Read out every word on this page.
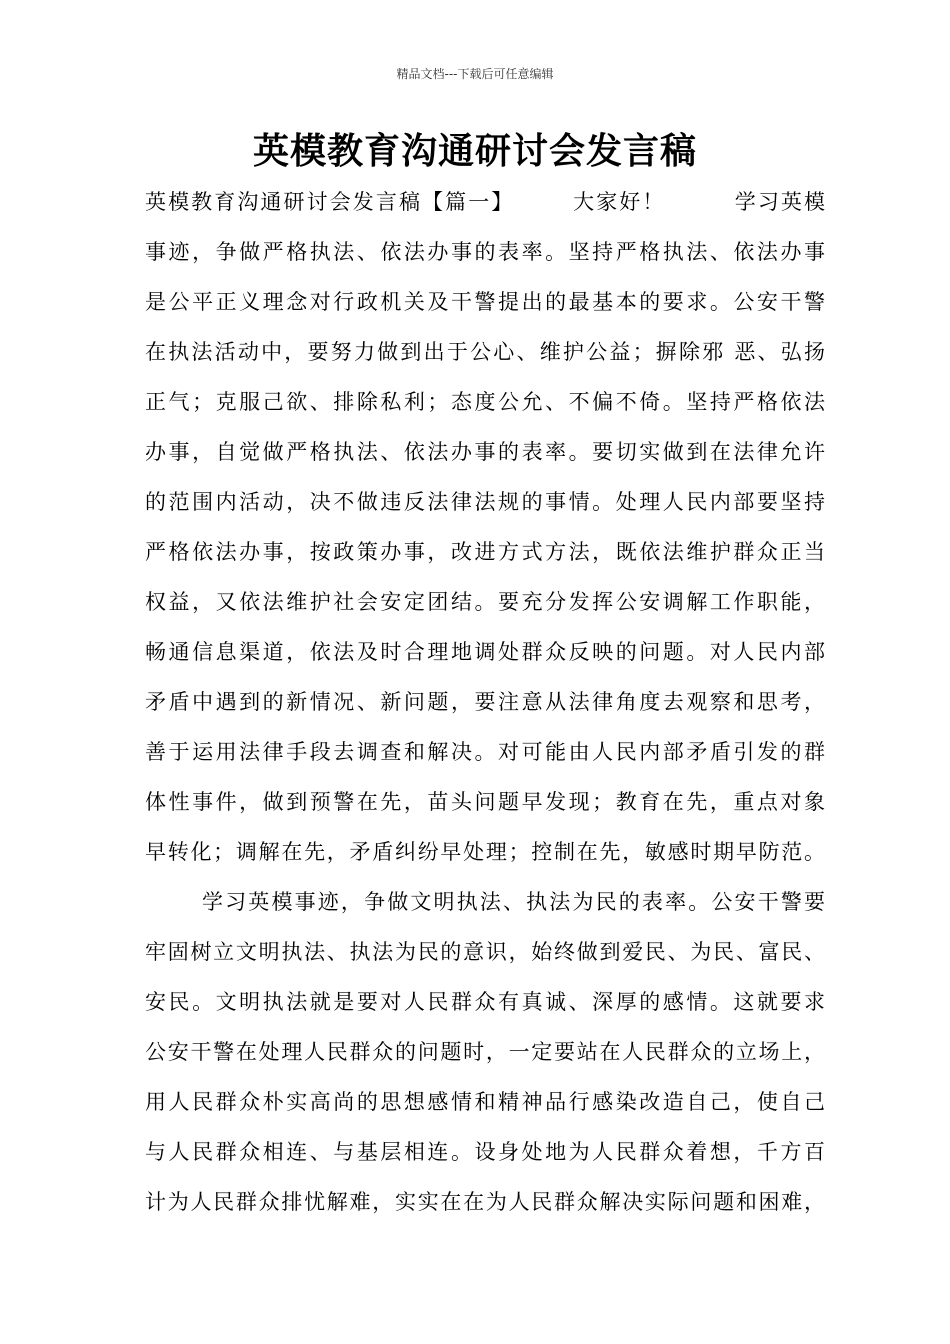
精品文档---下载后可任意编辑
英模教育沟通研讨会发言稿
英模教育沟通研讨会发言稿【篇一】　　　大家好！　　　学习英模
事迹，争做严格执法、依法办事的表率。坚持严格执法、依法办事
是公平正义理念对行政机关及干警提出的最基本的要求。公安干警
在执法活动中，要努力做到出于公心、维护公益；摒除邪 恶、弘扬
正气；克服己欲、排除私利；态度公允、不偏不倚。坚持严格依法
办事，自觉做严格执法、依法办事的表率。要切实做到在法律允许
的范围内活动，决不做违反法律法规的事情。处理人民内部要坚持
严格依法办事，按政策办事，改进方式方法，既依法维护群众正当
权益，又依法维护社会安定团结。要充分发挥公安调解工作职能，
畅通信息渠道，依法及时合理地调处群众反映的问题。对人民内部
矛盾中遇到的新情况、新问题，要注意从法律角度去观察和思考，
善于运用法律手段去调查和解决。对可能由人民内部矛盾引发的群
体性事件，做到预警在先，苗头问题早发现；教育在先，重点对象
早转化；调解在先，矛盾纠纷早处理；控制在先，敏感时期早防范。
学习英模事迹，争做文明执法、执法为民的表率。公安干警要
牢固树立文明执法、执法为民的意识，始终做到爱民、为民、富民、
安民。文明执法就是要对人民群众有真诚、深厚的感情。这就要求
公安干警在处理人民群众的问题时，一定要站在人民群众的立场上，
用人民群众朴实高尚的思想感情和精神品行感染改造自己，使自己
与人民群众相连、与基层相连。设身处地为人民群众着想，千方百
计为人民群众排忧解难，实实在在为人民群众解决实际问题和困难，
